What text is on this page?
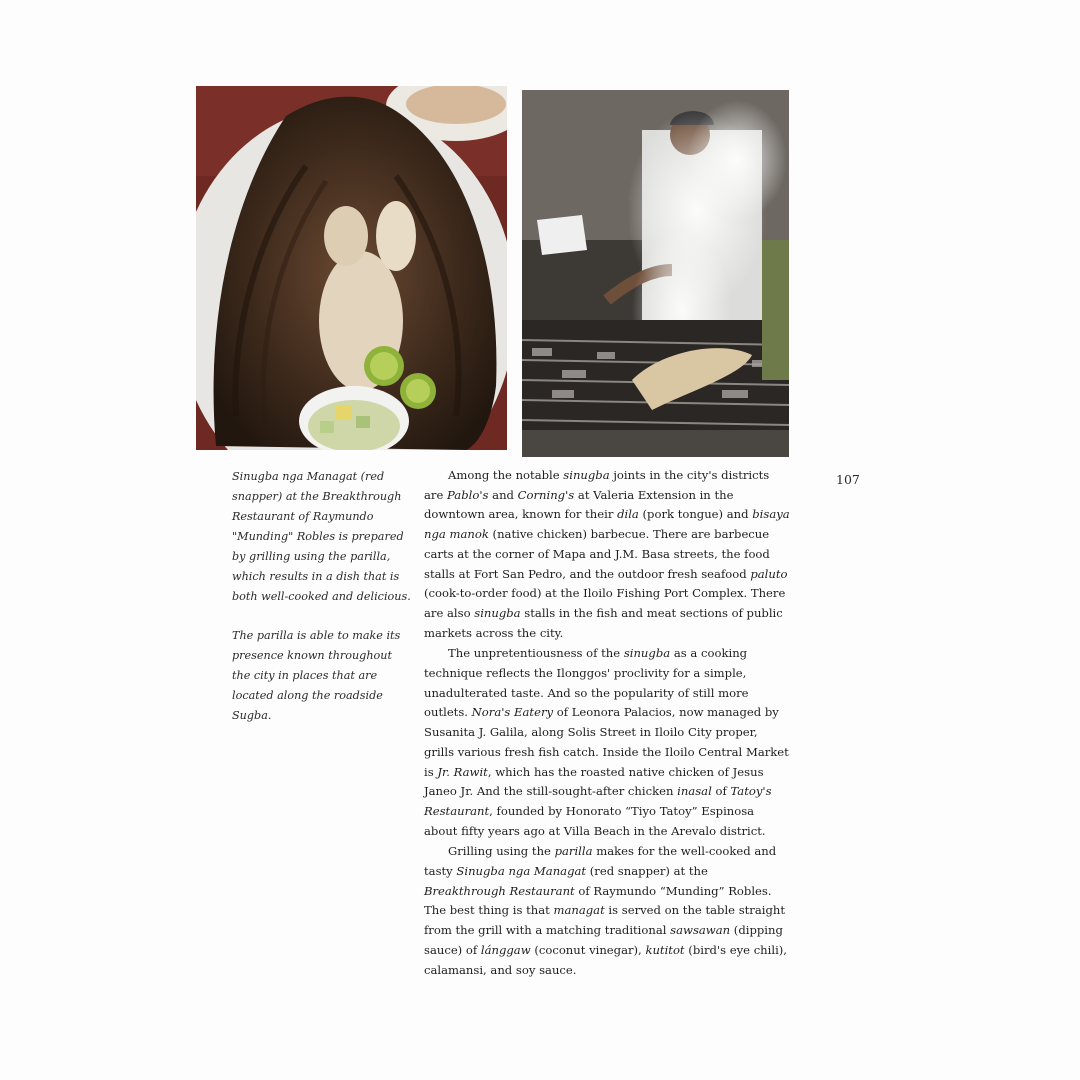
Sinugba nga Managat (red snapper) at the Breakthrough Restaurant of Raymundo "Munding" Robles is prepared by grilling using the parilla, which results in a dish that is both well-cooked and delicious.

The parilla is able to make its presence known throughout the city in places that are located along the roadside Sugba.

107

Among the notable sinugba joints in the city's districts are Pablo's and Corning's at Valeria Extension in the downtown area, known for their dila (pork tongue) and bisaya nga manok (native chicken) barbecue. There are barbecue carts at the corner of Mapa and J.M. Basa streets, the food stalls at Fort San Pedro, and the outdoor fresh seafood paluto (cook-to-order food) at the Iloilo Fishing Port Complex. There are also sinugba stalls in the fish and meat sections of public markets across the city.

The unpretentiousness of the sinugba as a cooking technique reflects the Ilonggos' proclivity for a simple, unadulterated taste. And so the popularity of still more outlets. Nora's Eatery of Leonora Palacios, now managed by Susanita J. Galila, along Solis Street in Iloilo City proper, grills various fresh fish catch. Inside the Iloilo Central Market is Jr. Rawit, which has the roasted native chicken of Jesus Janeo Jr. And the still-sought-after chicken inasal of Tatoy's Restaurant, founded by Honorato “Tiyo Tatoy” Espinosa about fifty years ago at Villa Beach in the Arevalo district.

Grilling using the parilla makes for the well-cooked and tasty Sinugba nga Managat (red snapper) at the Breakthrough Restaurant of Raymundo “Munding” Robles. The best thing is that managat is served on the table straight from the grill with a matching traditional sawsawan (dipping sauce) of lánggaw (coconut vinegar), kutitot (bird's eye chili), calamansi, and soy sauce.
